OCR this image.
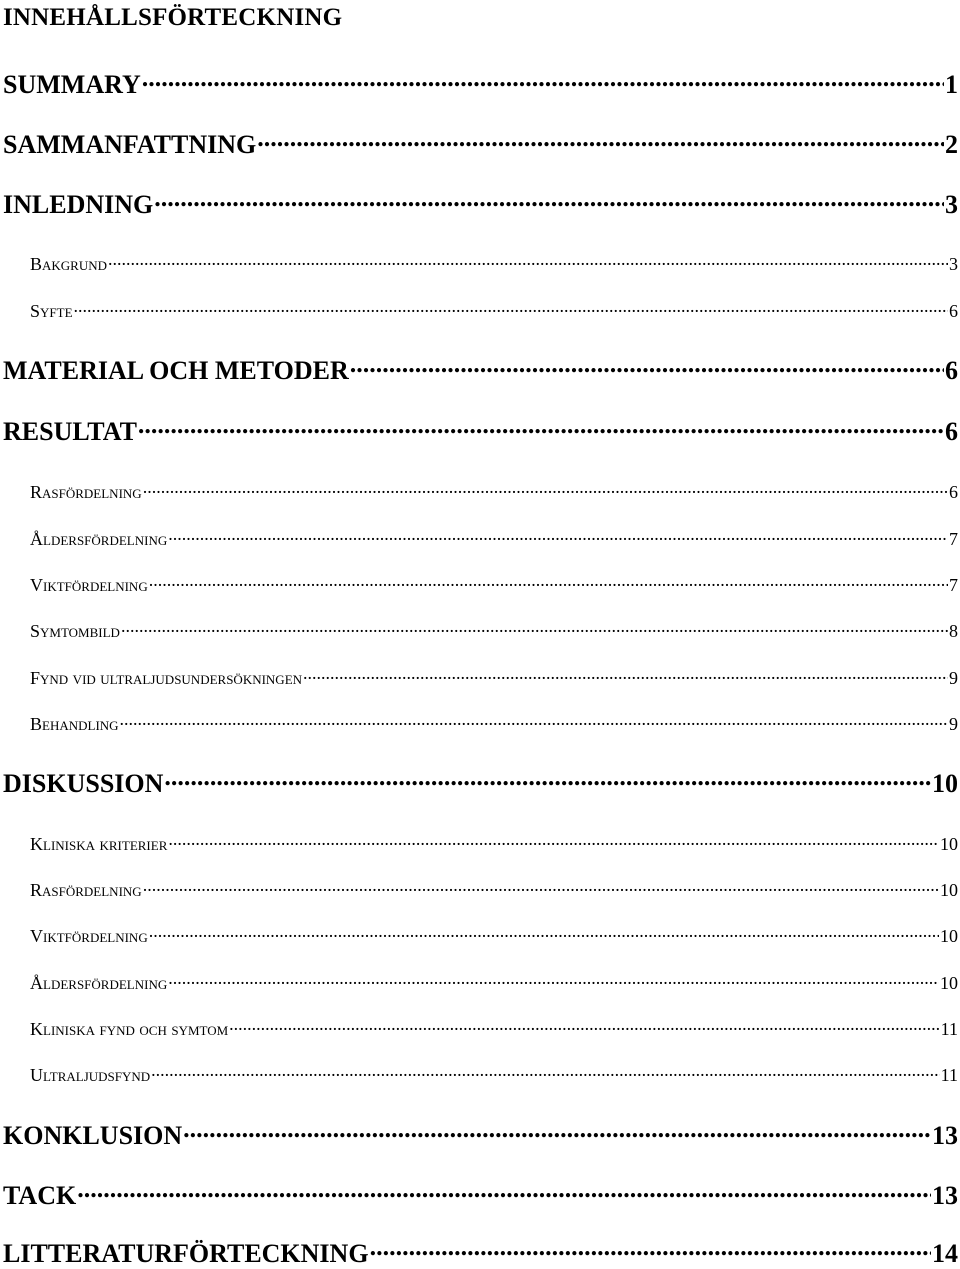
INNEHÅLLSFÖRTECKNING
SUMMARY .....	1
SAMMANFATTNING .....	2
INLEDNING .....	3
Bakgrund .....	3
Syfte .....	6
MATERIAL OCH METODER .....	6
RESULTAT .....	6
Rasfördelning .....	6
Åldersfördelning .....	7
Viktfördelning .....	7
Symtombild .....	8
Fynd vid ultraljudsundersökningen .....	9
Behandling .....	9
DISKUSSION .....	10
Kliniska kriterier .....	10
Rasfördelning .....	10
Viktfördelning .....	10
Åldersfördelning .....	10
Kliniska fynd och symtom .....	11
Ultraljudsfynd .....	11
KONKLUSION .....	13
TACK .....	13
LITTERATURFÖRTECKNING .....	14
